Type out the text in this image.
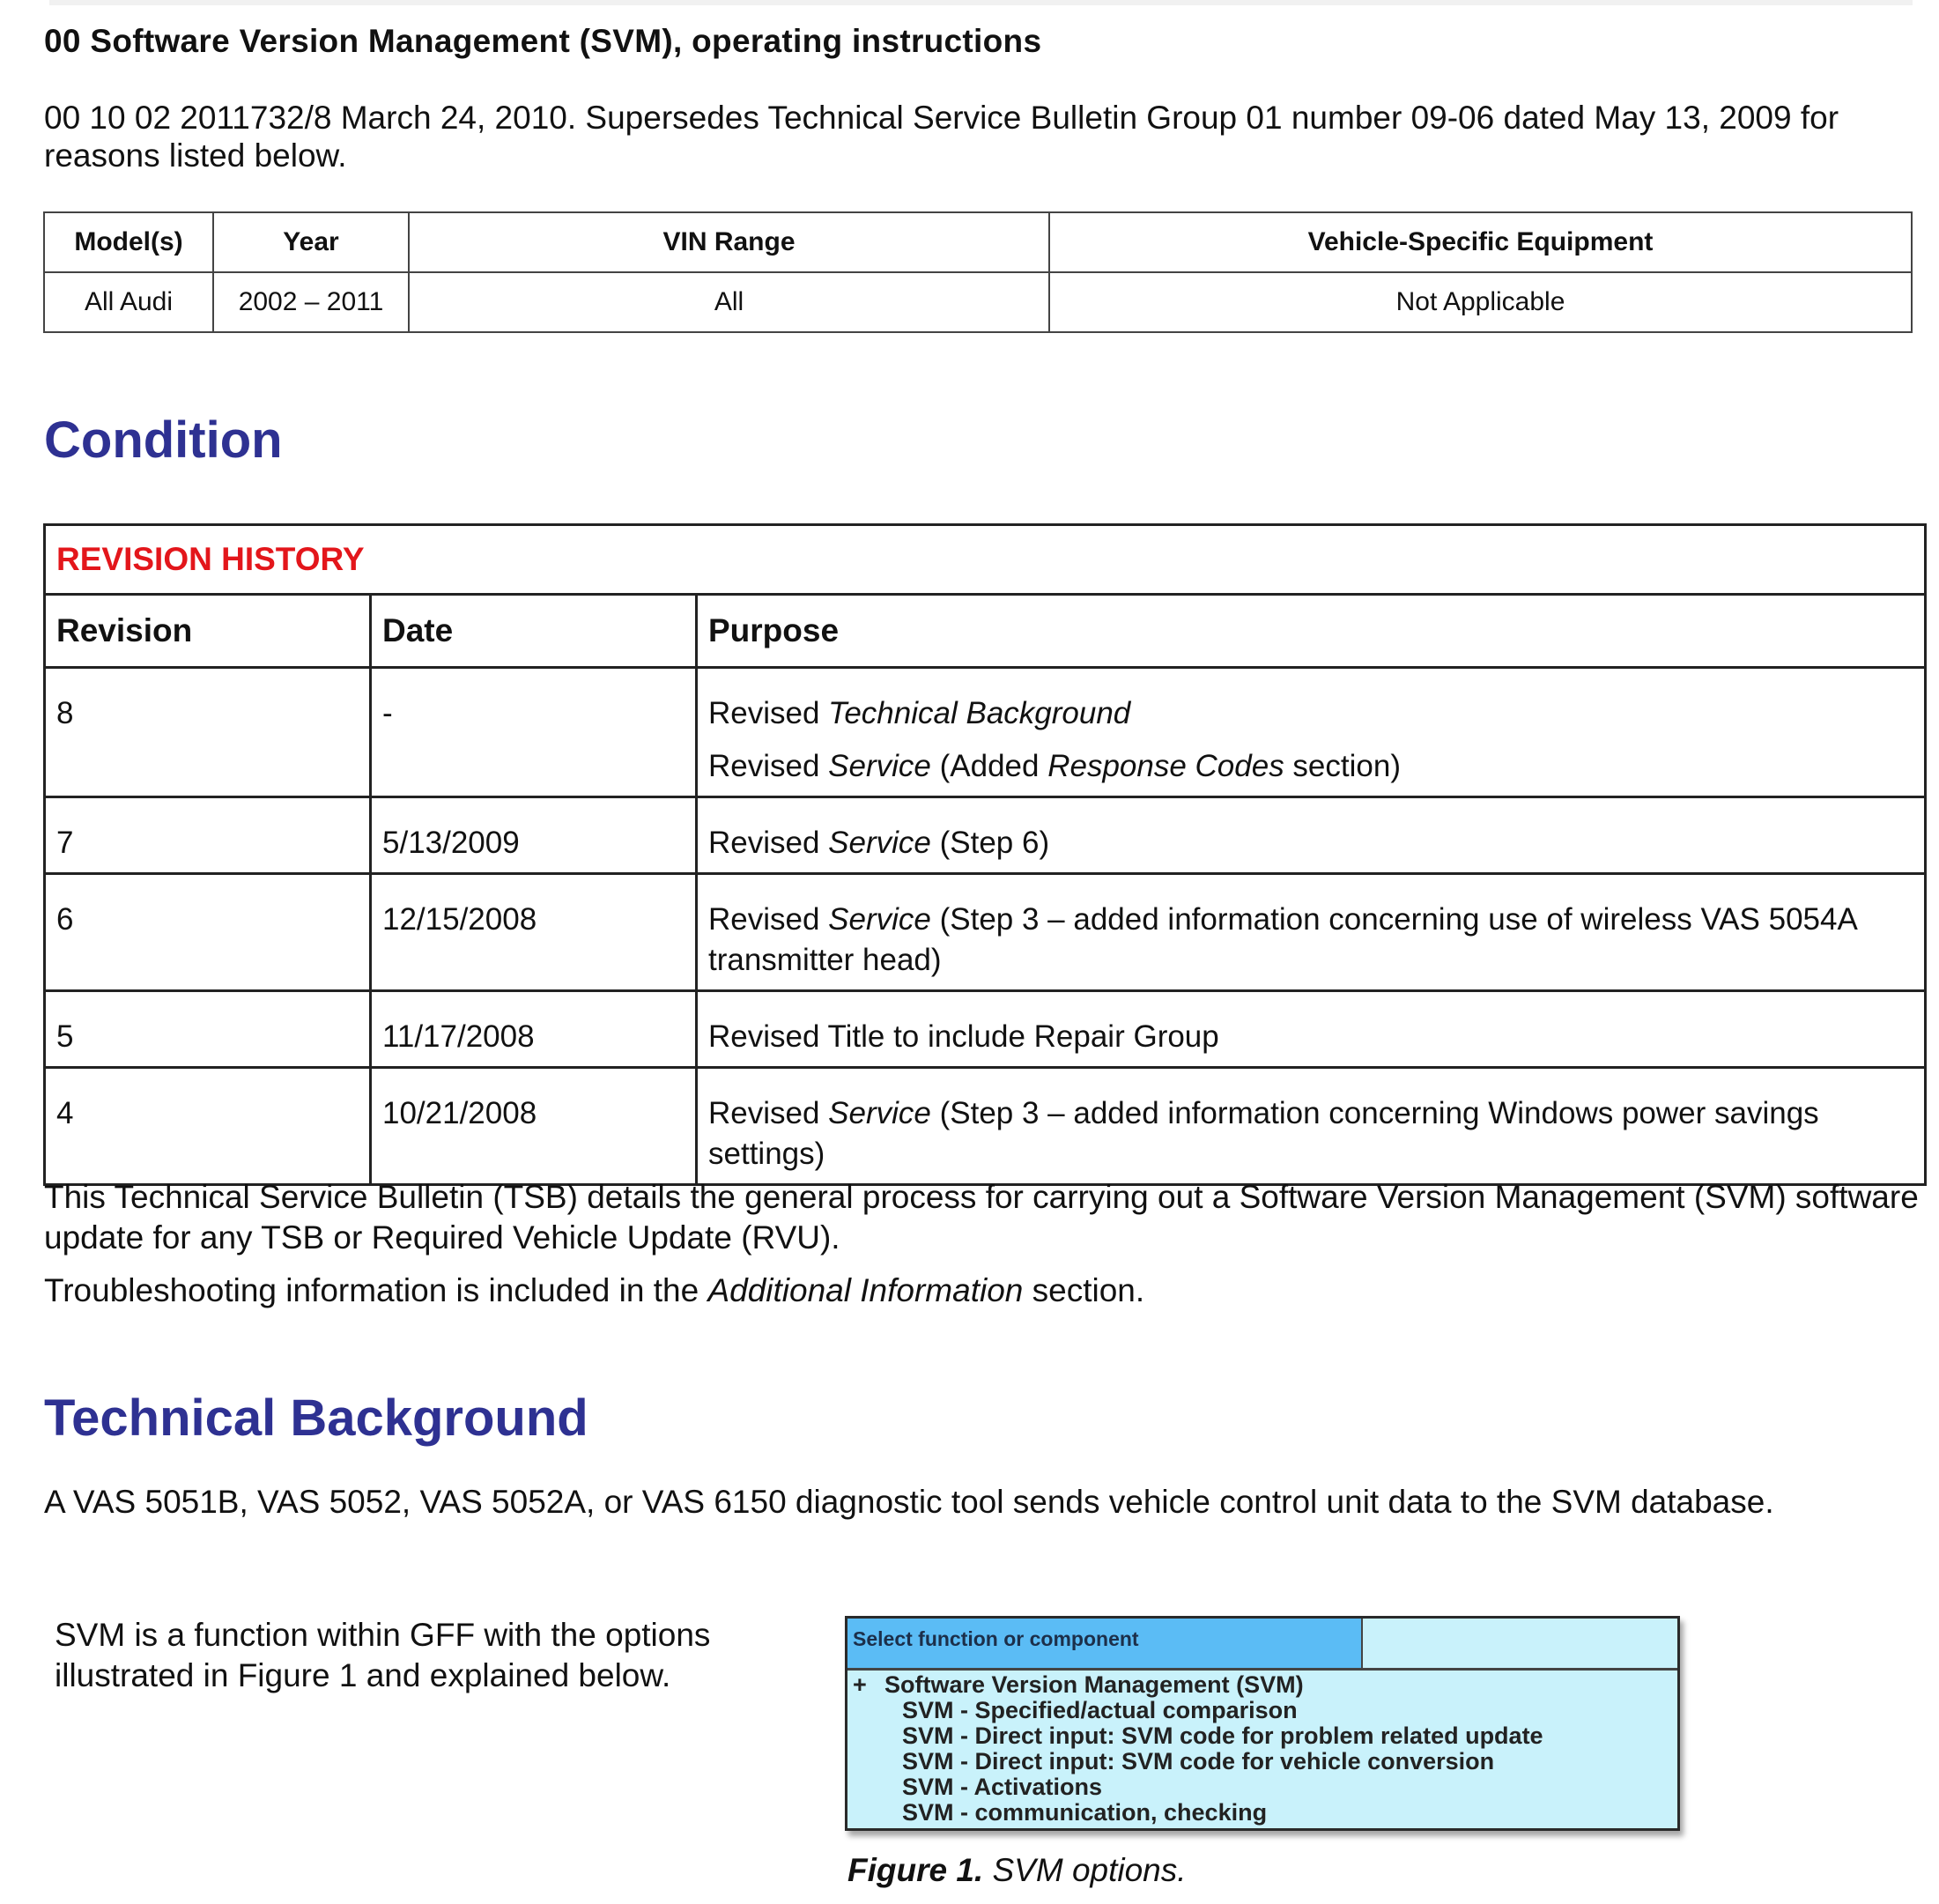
00 Software Version Management (SVM), operating instructions
00 10 02 2011732/8 March 24, 2010. Supersedes Technical Service Bulletin Group 01 number 09-06 dated May 13, 2009 for reasons listed below.
Model(s)	Year	VIN Range	Vehicle-Specific Equipment
All Audi	2002 – 2011	All	Not Applicable
Condition
REVISION HISTORY		
Revision	Date	Purpose
8	-	Revised Technical Background
Revised Service (Added Response Codes section)

7	5/13/2009	Revised Service (Step 6)
6	12/15/2008	Revised Service (Step 3 – added information concerning use of wireless VAS 5054A transmitter head)
5	11/17/2008	Revised Title to include Repair Group
4	10/21/2008	Revised Service (Step 3 – added information concerning Windows power savings settings)
This Technical Service Bulletin (TSB) details the general process for carrying out a Software Version Management (SVM) software update for any TSB or Required Vehicle Update (RVU).
Troubleshooting information is included in the Additional Information section.
Technical Background
A VAS 5051B, VAS 5052, VAS 5052A, or VAS 6150 diagnostic tool sends vehicle control unit data to the SVM database.
SVM is a function within GFF with the options illustrated in Figure 1 and explained below.
Select function or component
+ Software Version Management (SVM)
SVM - Specified/actual comparison
SVM - Direct input: SVM code for problem related update
SVM - Direct input: SVM code for vehicle conversion
SVM - Activations
SVM - communication, checking
Figure 1. SVM options.
